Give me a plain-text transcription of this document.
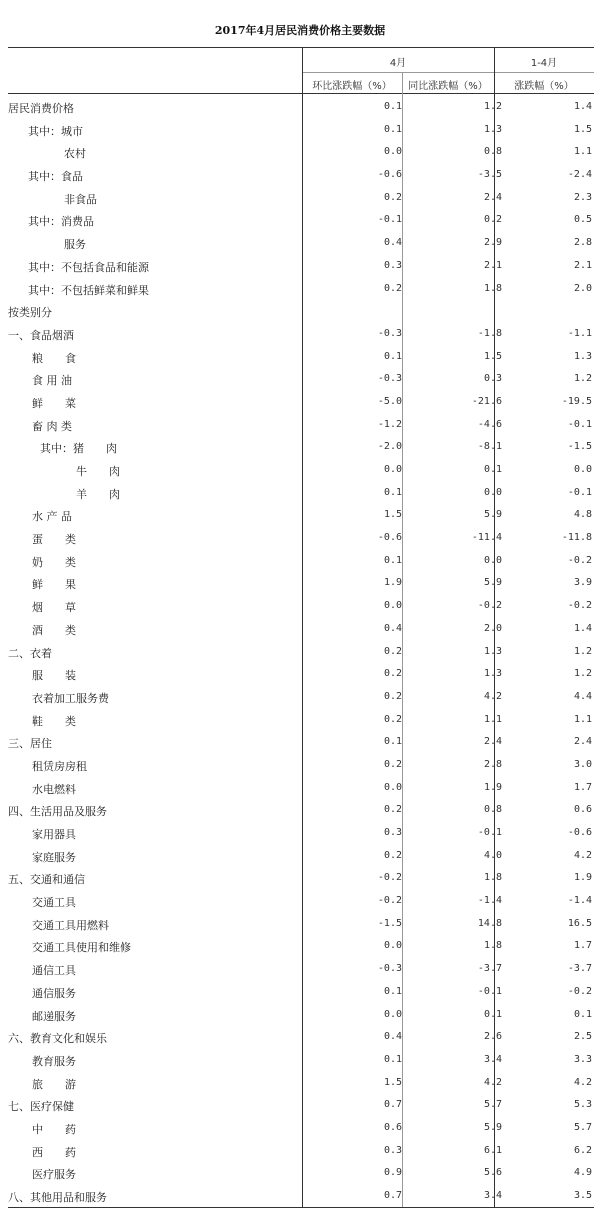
2017年4月居民消费价格主要数据
4月	1-4月
环比涨跌幅（%）	同比涨跌幅（%）	涨跌幅（%）
居民消费价格	0.1	1.2	1.4
其中：城市	0.1	1.3	1.5
农村	0.0	0.8	1.1
其中：食品	-0.6	-3.5	-2.4
非食品	0.2	2.4	2.3
其中：消费品	-0.1	0.2	0.5
服务	0.4	2.9	2.8
其中：不包括食品和能源	0.3	2.1	2.1
其中：不包括鲜菜和鲜果	0.2	1.8	2.0
按类别分
一、食品烟酒	-0.3	-1.8	-1.1
粮　　食	0.1	1.5	1.3
食 用 油	-0.3	0.3	1.2
鲜　　菜	-5.0	-21.6	-19.5
畜 肉 类	-1.2	-4.6	-0.1
其中：猪　　肉	-2.0	-8.1	-1.5
牛　　肉	0.0	0.1	0.0
羊　　肉	0.1	0.0	-0.1
水 产 品	1.5	5.9	4.8
蛋　　类	-0.6	-11.4	-11.8
奶　　类	0.1	0.0	-0.2
鲜　　果	1.9	5.9	3.9
烟　　草	0.0	-0.2	-0.2
酒　　类	0.4	2.0	1.4
二、衣着	0.2	1.3	1.2
服　　装	0.2	1.3	1.2
衣着加工服务费	0.2	4.2	4.4
鞋　　类	0.2	1.1	1.1
三、居住	0.1	2.4	2.4
租赁房房租	0.2	2.8	3.0
水电燃料	0.0	1.9	1.7
四、生活用品及服务	0.2	0.8	0.6
家用器具	0.3	-0.1	-0.6
家庭服务	0.2	4.0	4.2
五、交通和通信	-0.2	1.8	1.9
交通工具	-0.2	-1.4	-1.4
交通工具用燃料	-1.5	14.8	16.5
交通工具使用和维修	0.0	1.8	1.7
通信工具	-0.3	-3.7	-3.7
通信服务	0.1	-0.1	-0.2
邮递服务	0.0	0.1	0.1
六、教育文化和娱乐	0.4	2.6	2.5
教育服务	0.1	3.4	3.3
旅　　游	1.5	4.2	4.2
七、医疗保健	0.7	5.7	5.3
中　　药	0.6	5.9	5.7
西　　药	0.3	6.1	6.2
医疗服务	0.9	5.6	4.9
八、其他用品和服务	0.7	3.4	3.5
